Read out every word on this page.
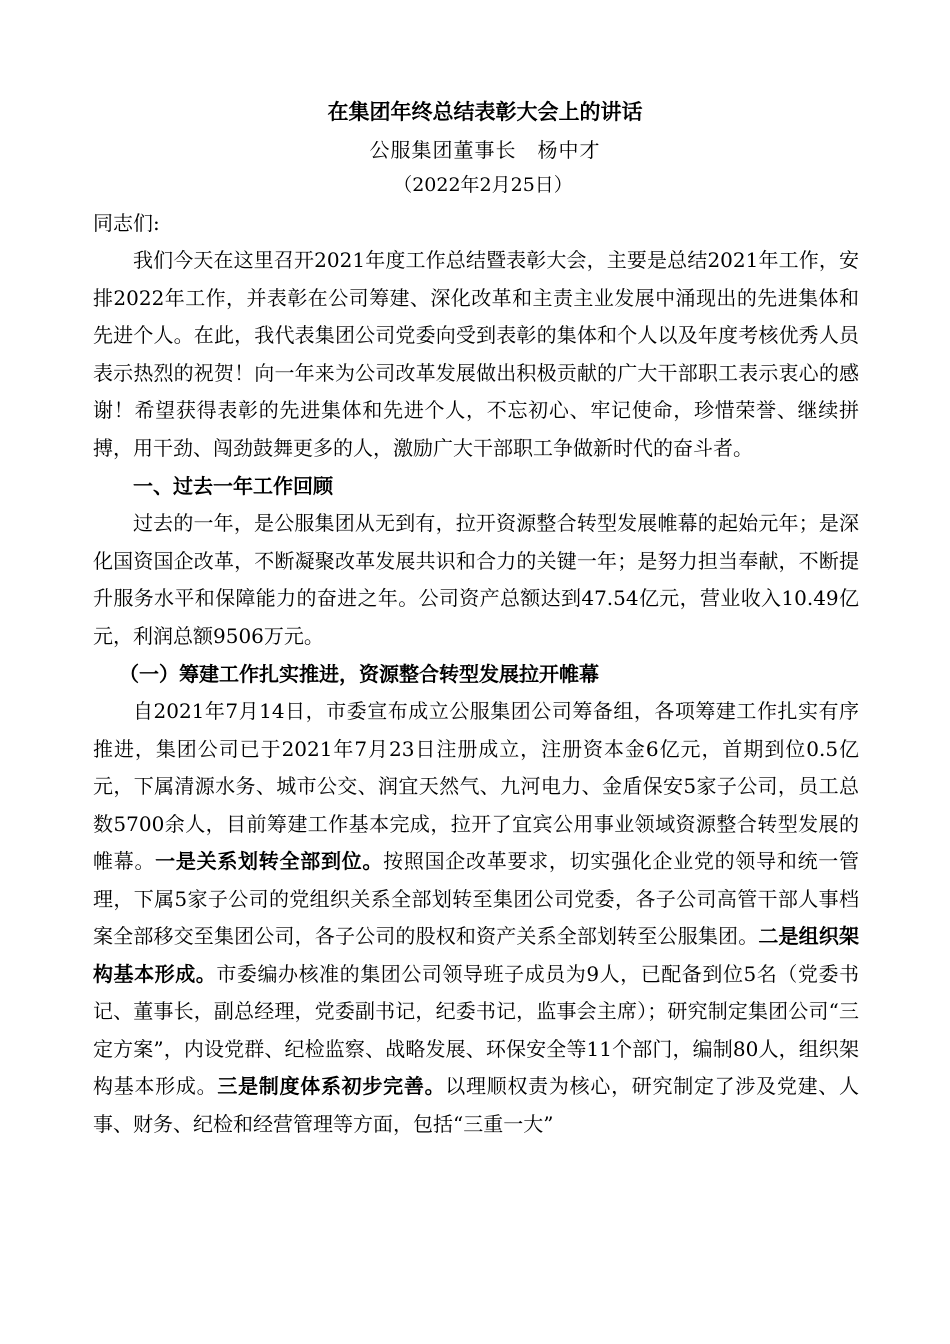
在集团年终总结表彰大会上的讲话
公服集团董事长　杨中才
（2022年2月25日）
同志们:

我们今天在这里召开2021年度工作总结暨表彰大会，主要是总结2021年工作，安排2022年工作，并表彰在公司筹建、深化改革和主责主业发展中涌现出的先进集体和先进个人。在此，我代表集团公司党委向受到表彰的集体和个人以及年度考核优秀人员表示热烈的祝贺！向一年来为公司改革发展做出积极贡献的广大干部职工表示衷心的感谢！希望获得表彰的先进集体和先进个人，不忘初心、牢记使命，珍惜荣誉、继续拼搏，用干劲、闯劲鼓舞更多的人，激励广大干部职工争做新时代的奋斗者。

一、过去一年工作回顾

过去的一年，是公服集团从无到有，拉开资源整合转型发展帷幕的起始元年；是深化国资国企改革，不断凝聚改革发展共识和合力的关键一年；是努力担当奉献，不断提升服务水平和保障能力的奋进之年。公司资产总额达到47.54亿元，营业收入10.49亿元，利润总额9506万元。

（一）筹建工作扎实推进，资源整合转型发展拉开帷幕

自2021年7月14日，市委宣布成立公服集团公司筹备组，各项筹建工作扎实有序推进，集团公司已于2021年7月23日注册成立，注册资本金6亿元，首期到位0.5亿元，下属清源水务、城市公交、润宜天然气、九河电力、金盾保安5家子公司，员工总数5700余人，目前筹建工作基本完成，拉开了宜宾公用事业领域资源整合转型发展的帷幕。一是关系划转全部到位。按照国企改革要求，切实强化企业党的领导和统一管理，下属5家子公司的党组织关系全部划转至集团公司党委，各子公司高管干部人事档案全部移交至集团公司，各子公司的股权和资产关系全部划转至公服集团。二是组织架构基本形成。市委编办核准的集团公司领导班子成员为9人，已配备到位5名（党委书记、董事长，副总经理，党委副书记，纪委书记，监事会主席）；研究制定集团公司“三定方案”，内设党群、纪检监察、战略发展、环保安全等11个部门，编制80人，组织架构基本形成。三是制度体系初步完善。以理顺权责为核心，研究制定了涉及党建、人事、财务、纪检和经营管理等方面，包括“三重一大”
